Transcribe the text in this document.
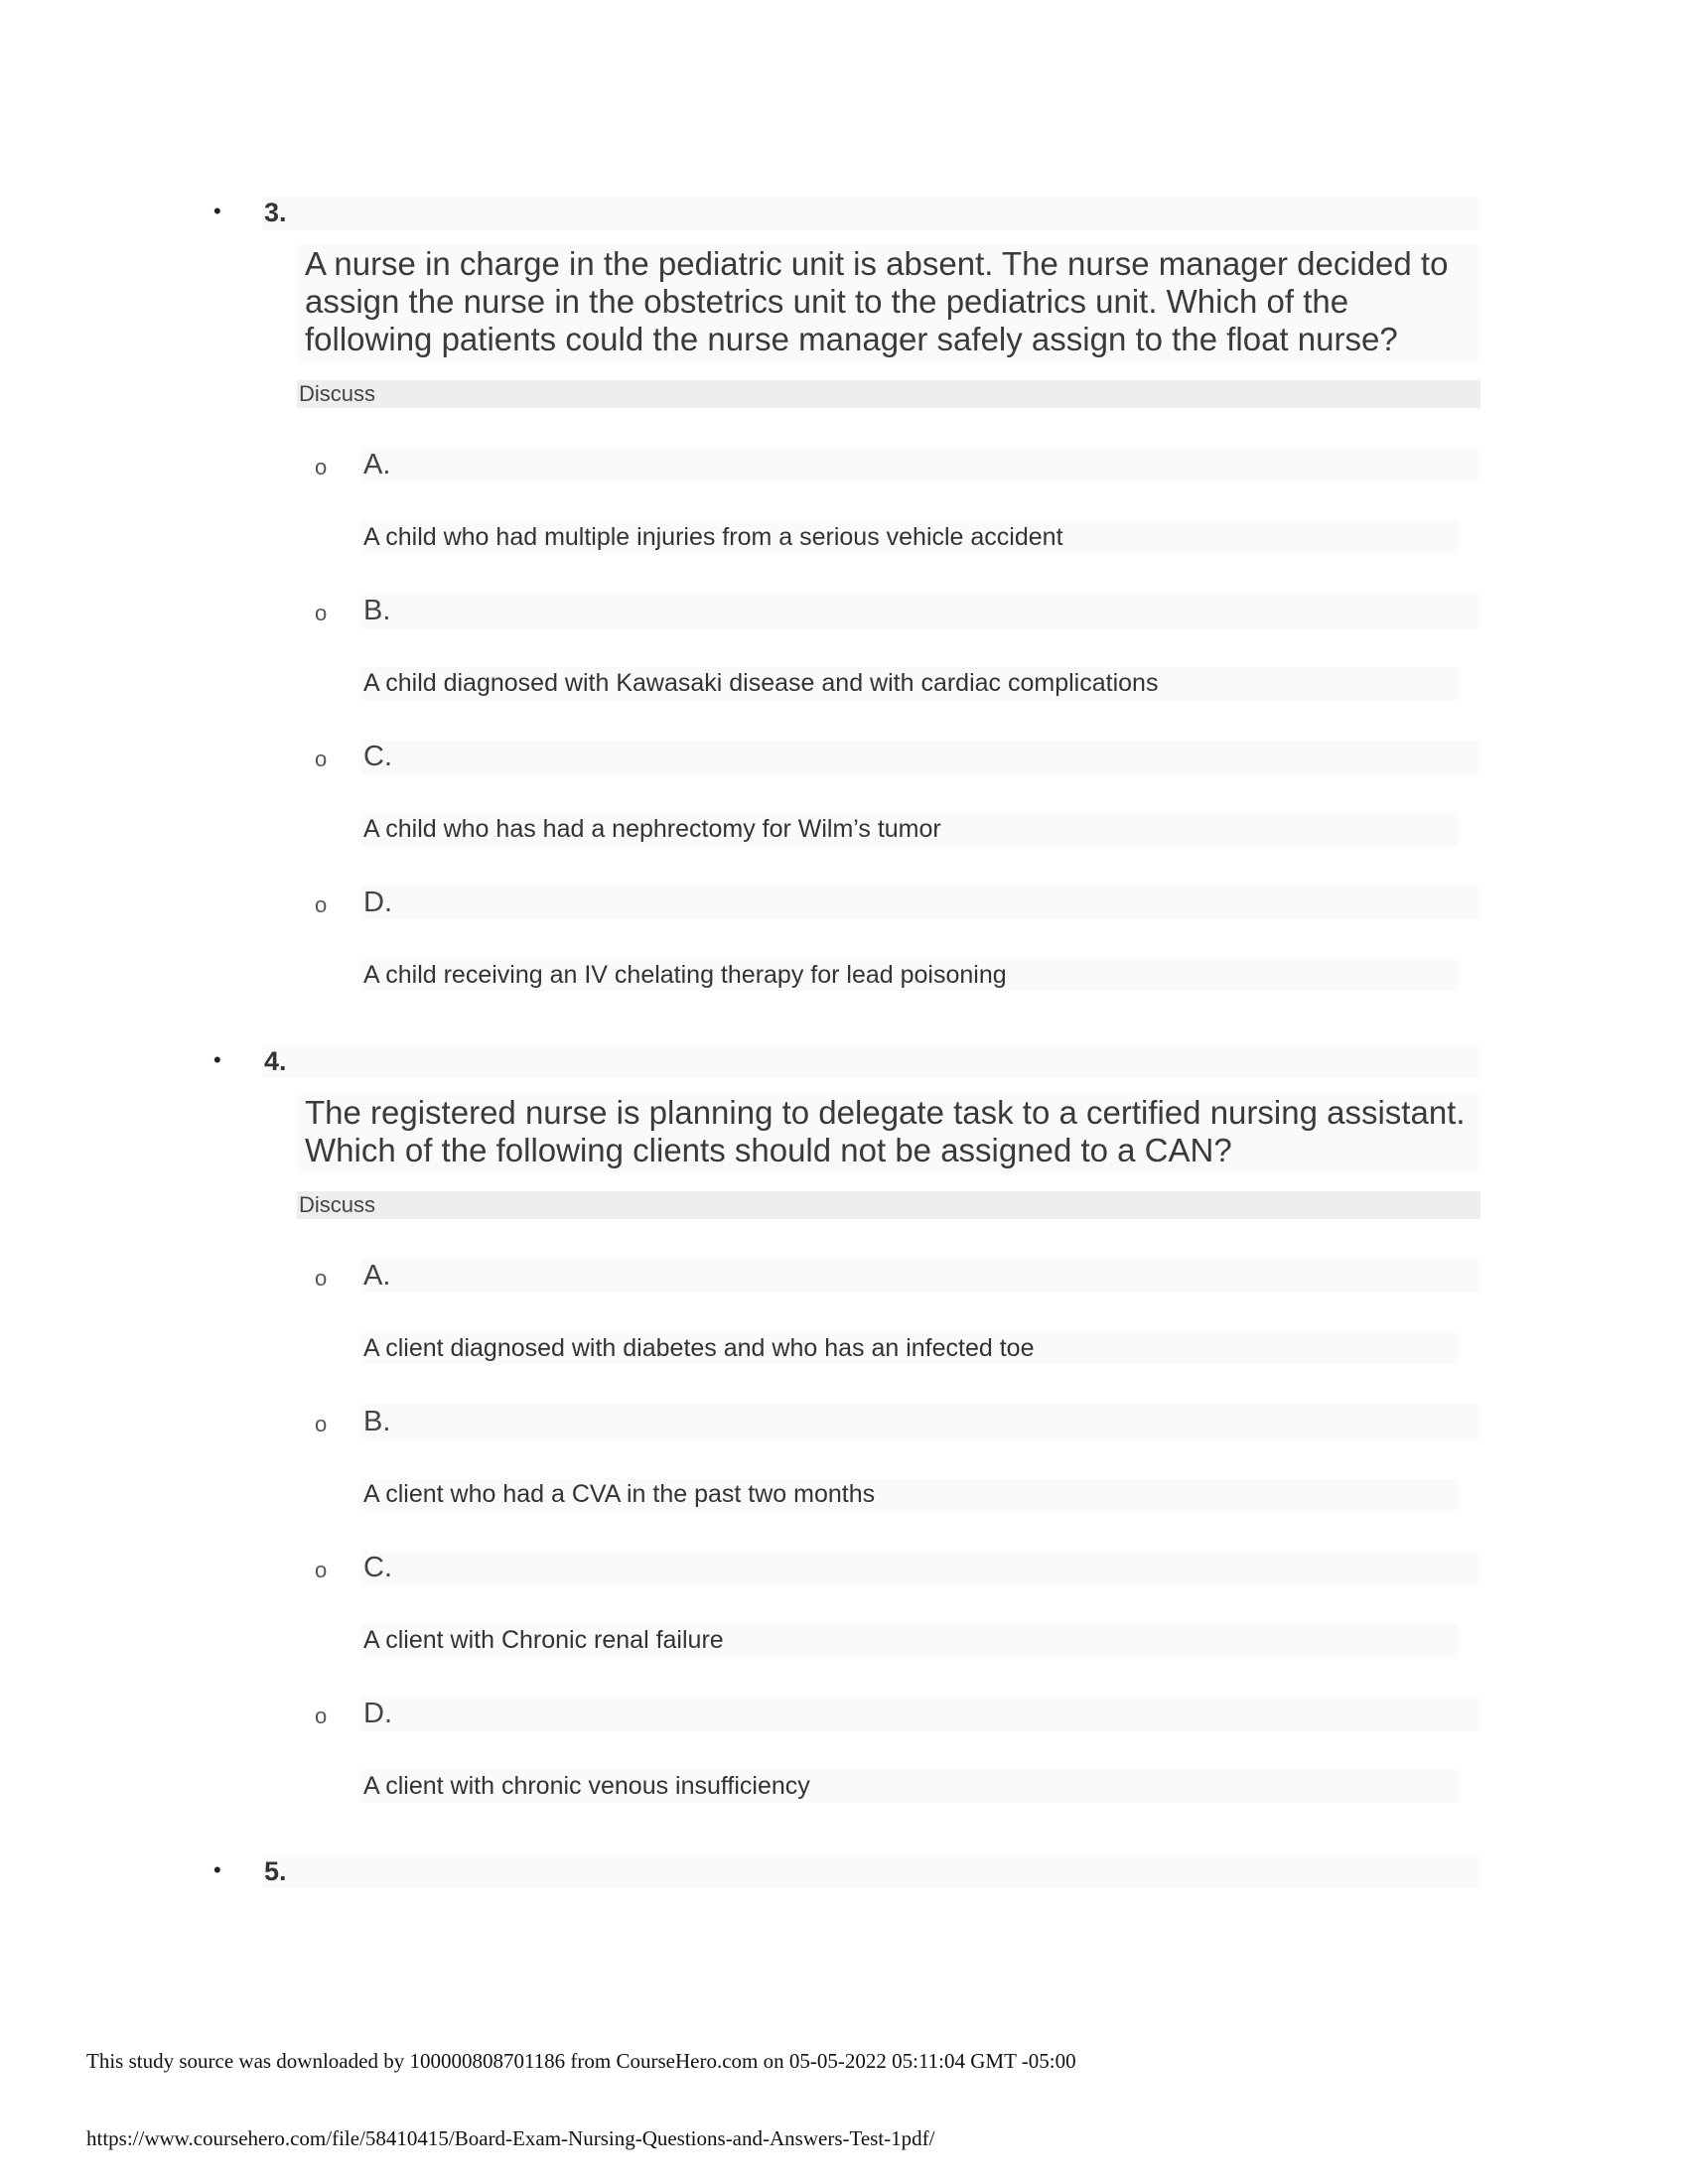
• 3.
A nurse in charge in the pediatric unit is absent. The nurse manager decided to assign the nurse in the obstetrics unit to the pediatrics unit. Which of the following patients could the nurse manager safely assign to the float nurse?
Discuss
o A.
A child who had multiple injuries from a serious vehicle accident
o B.
A child diagnosed with Kawasaki disease and with cardiac complications
o C.
A child who has had a nephrectomy for Wilm’s tumor
o D.
A child receiving an IV chelating therapy for lead poisoning
• 4.
The registered nurse is planning to delegate task to a certified nursing assistant. Which of the following clients should not be assigned to a CAN?
Discuss
o A.
A client diagnosed with diabetes and who has an infected toe
o B.
A client who had a CVA in the past two months
o C.
A client with Chronic renal failure
o D.
A client with chronic venous insufficiency
• 5.
This study source was downloaded by 100000808701186 from CourseHero.com on 05-05-2022 05:11:04 GMT -05:00
https://www.coursehero.com/file/58410415/Board-Exam-Nursing-Questions-and-Answers-Test-1pdf/
